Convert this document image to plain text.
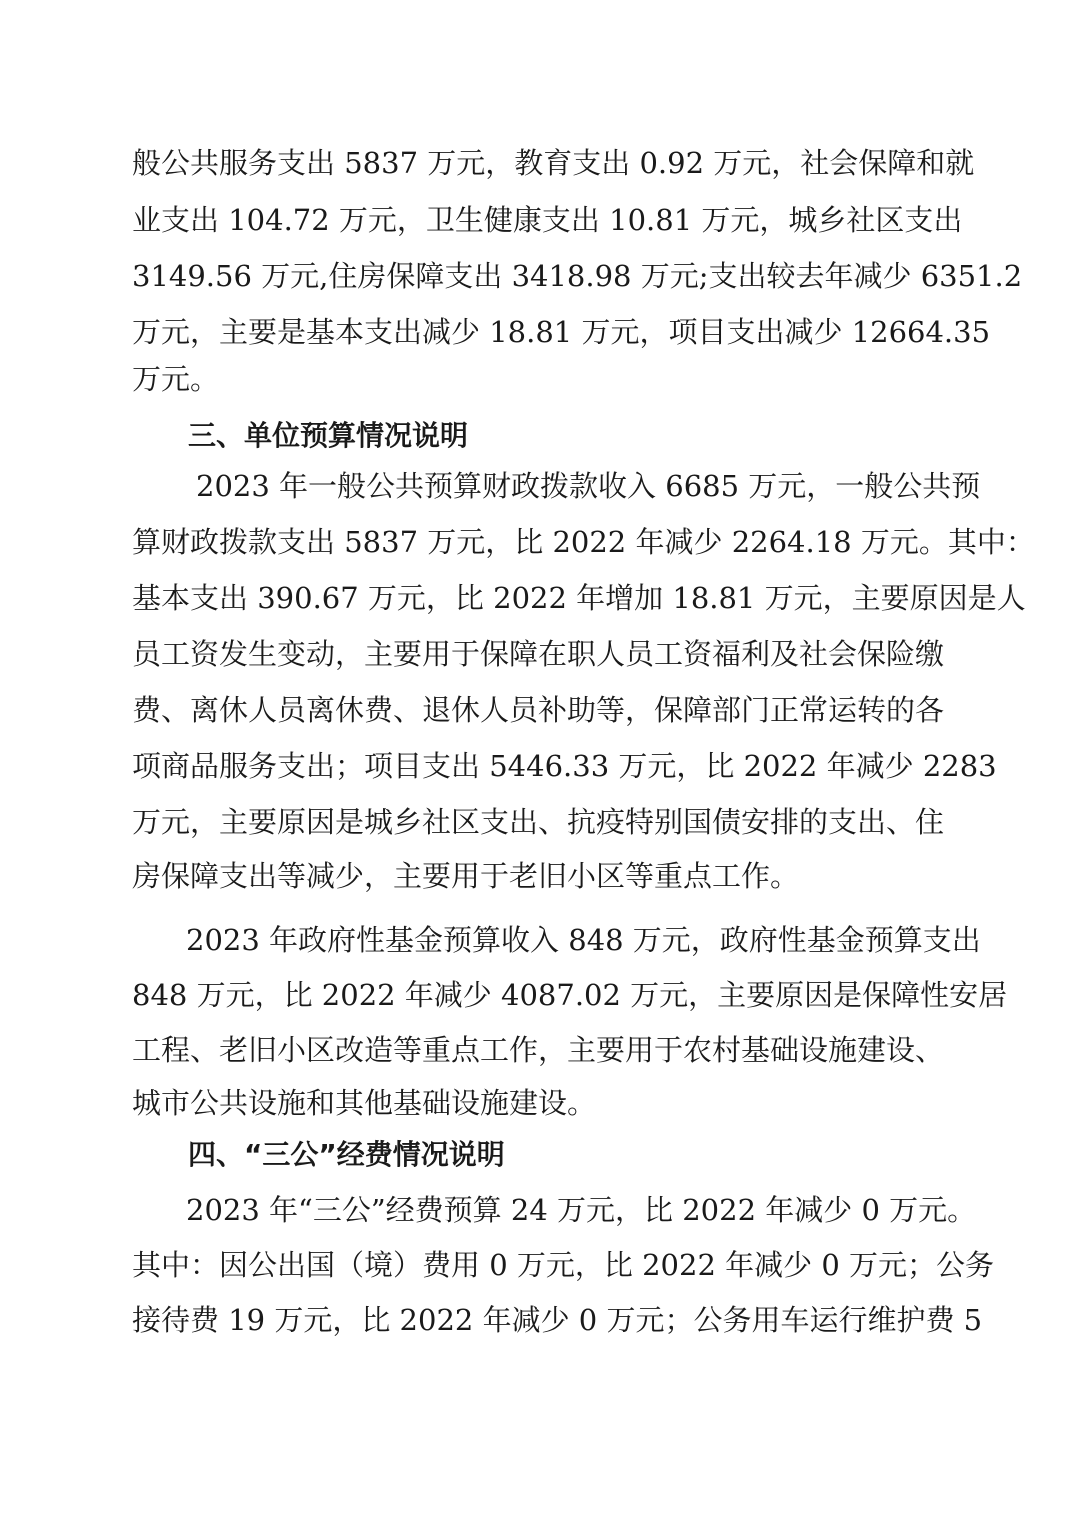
般公共服务支出 5837 万元，教育支出 0.92 万元，社会保障和就
业支出 104.72 万元，卫生健康支出 10.81 万元，城乡社区支出
3149.56 万元,住房保障支出 3418.98 万元;支出较去年减少 6351.2
万元，主要是基本支出减少 18.81 万元，项目支出减少 12664.35
万元。
三、单位预算情况说明
2023 年一般公共预算财政拨款收入 6685 万元，一般公共预
算财政拨款支出 5837 万元，比 2022 年减少 2264.18 万元。其中：
基本支出 390.67 万元，比 2022 年增加 18.81 万元，主要原因是人
员工资发生变动，主要用于保障在职人员工资福利及社会保险缴
费、离休人员离休费、退休人员补助等，保障部门正常运转的各
项商品服务支出；项目支出 5446.33 万元，比 2022 年减少 2283
万元，主要原因是城乡社区支出、抗疫特别国债安排的支出、住
房保障支出等减少，主要用于老旧小区等重点工作。
2023 年政府性基金预算收入 848 万元，政府性基金预算支出
848 万元，比 2022 年减少 4087.02 万元，主要原因是保障性安居
工程、老旧小区改造等重点工作，主要用于农村基础设施建设、
城市公共设施和其他基础设施建设。
四、“三公”经费情况说明
2023 年“三公”经费预算 24 万元，比 2022 年减少 0 万元。
其中：因公出国（境）费用 0 万元，比 2022 年减少 0 万元；公务
接待费 19 万元，比 2022 年减少 0 万元；公务用车运行维护费 5
